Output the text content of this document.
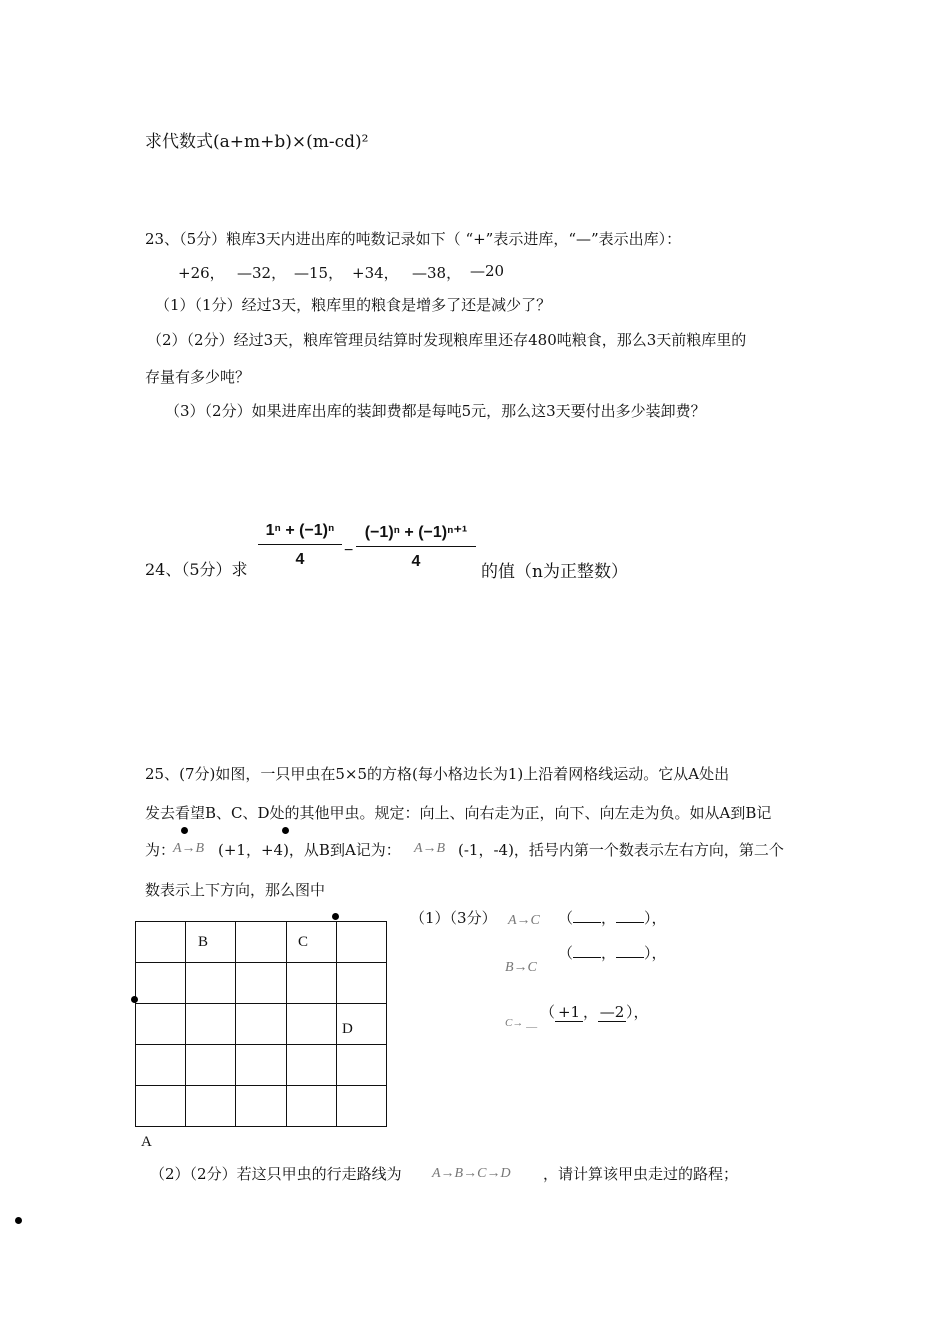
求代数式(a+m+b)×(m-cd)²
23、（5分）粮库3天内进出库的吨数记录如下（ “+”表示进库，“—”表示出库）：
+26， —32， —15， +34， —38， —20
（1）（1分）经过3天，粮库里的粮食是增多了还是减少了？
（2）（2分）经过3天，粮库管理员结算时发现粮库里还存480吨粮食，那么3天前粮库里的
存量有多少吨？
（3）（2分）如果进库出库的装卸费都是每吨5元，那么这3天要付出多少装卸费？
24、（5分）求
$\frac{\text{1ⁿ + (−1)ⁿ}}{4} - \frac{\text{(−1)ⁿ + (−1)ⁿ⁺¹}}{4}$
的值（n为正整数）
25、(7分)如图，一只甲虫在5×5的方格(每小格边长为1)上沿着网格线运动。它从A处出
发去看望B、C、D处的其他甲虫。规定：向上、向右走为正，向下、向左走为负。如从A到B记
为：
A→B (+1，+4)，从B到A记为： A→B (-1，-4)，括号内第一个数表示左右方向，第二个
数表示上下方向，那么图中

B	C
D
A
（1）（3分） A→C （ ， ），
B→C
（ ， ），
C→ __
（ +1 ， —2 ），
（2）（2分）若这只甲虫的行走路线为 A→B→C→D ，请计算该甲虫走过的路程；
